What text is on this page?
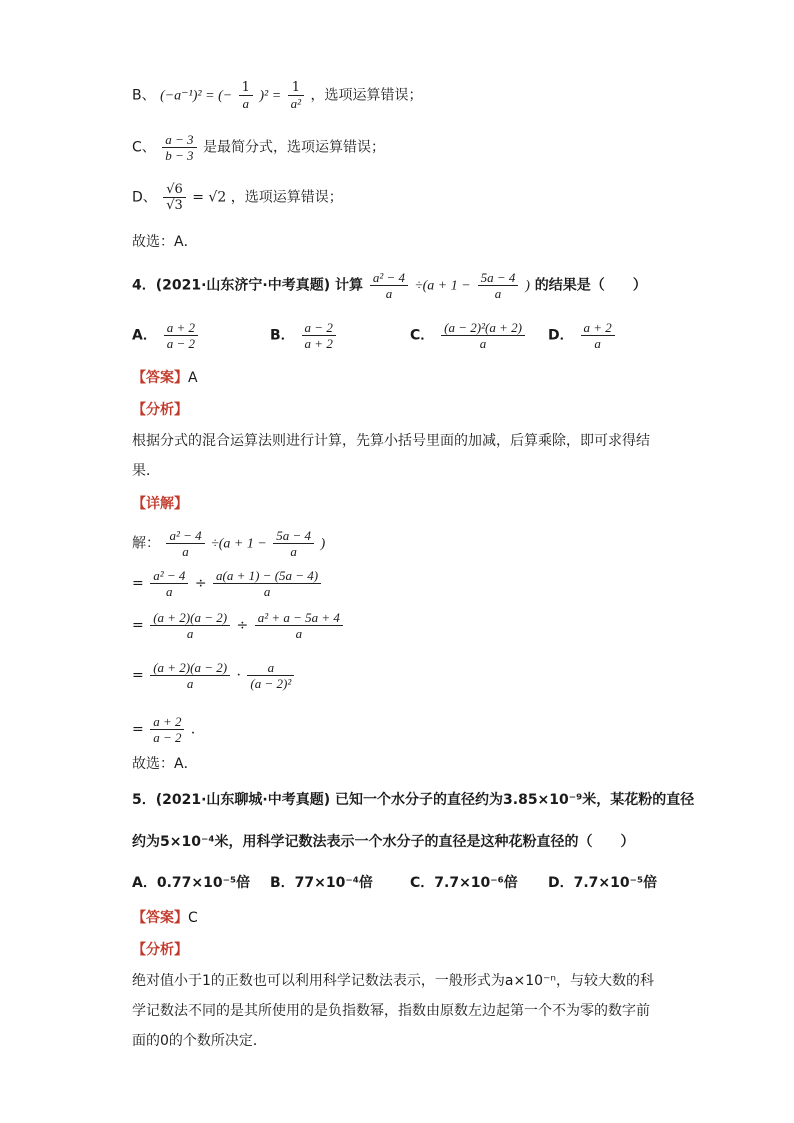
B、 (−a⁻¹)² = (− $\frac{1}{a} )^2 = \frac{1}{\text{a²}}$ ，选项运算错误；
C、 $\frac{a - 3}{b - 3}$ 是最简分式，选项运算错误；
D、 $\frac{√6}{√3} = √2$ ，选项运算错误；
故选：A．
4．(2021·山东济宁·中考真题) 计算 $\frac{\text{a² − 4}}{a} \div(a + 1 - \frac{5a - 4}{a}$ ) 的结果是（　　）
A． $\frac{a + 2}{a - 2}$	B． $\frac{a - 2}{a + 2}$	C． $\frac{\text{(a − 2)²(a + 2)}}{a}$ D． $\frac{a + 2}{a}$
【答案】A
【分析】
根据分式的混合运算法则进行计算，先算小括号里面的加减，后算乘除，即可求得结果．
【详解】
解： $\frac{\text{a² − 4}}{a} \div(a + 1 - \frac{5a - 4}{a}$ )
= $\frac{\text{a² − 4}}{a} \div \frac{a(a + 1) - (5a - 4)}{a}$
= $\frac{(a + 2)(a - 2)}{a} \div \frac{\text{a² + a − 5a + 4}}{a}$
= $\frac{(a + 2)(a - 2)}{a} \cdot \frac{a}{\text{(a − 2)²}}$
= $\frac{a + 2}{a - 2}$ ．
故选：A．
5．(2021·山东聊城·中考真题) 已知一个水分子的直径约为3.85×10⁻⁹米，某花粉的直径
约为5×10⁻⁴米，用科学记数法表示一个水分子的直径是这种花粉直径的（　　）
A．0.77×10⁻⁵倍 B．77×10⁻⁴倍	C．7.7×10⁻⁶倍 D．7.7×10⁻⁵倍
【答案】C
【分析】
绝对值小于1的正数也可以利用科学记数法表示，一般形式为a×10⁻ⁿ，与较大数的科学记数法不同的是其所使用的是负指数幂，指数由原数左边起第一个不为零的数字前面的0的个数所决定．
